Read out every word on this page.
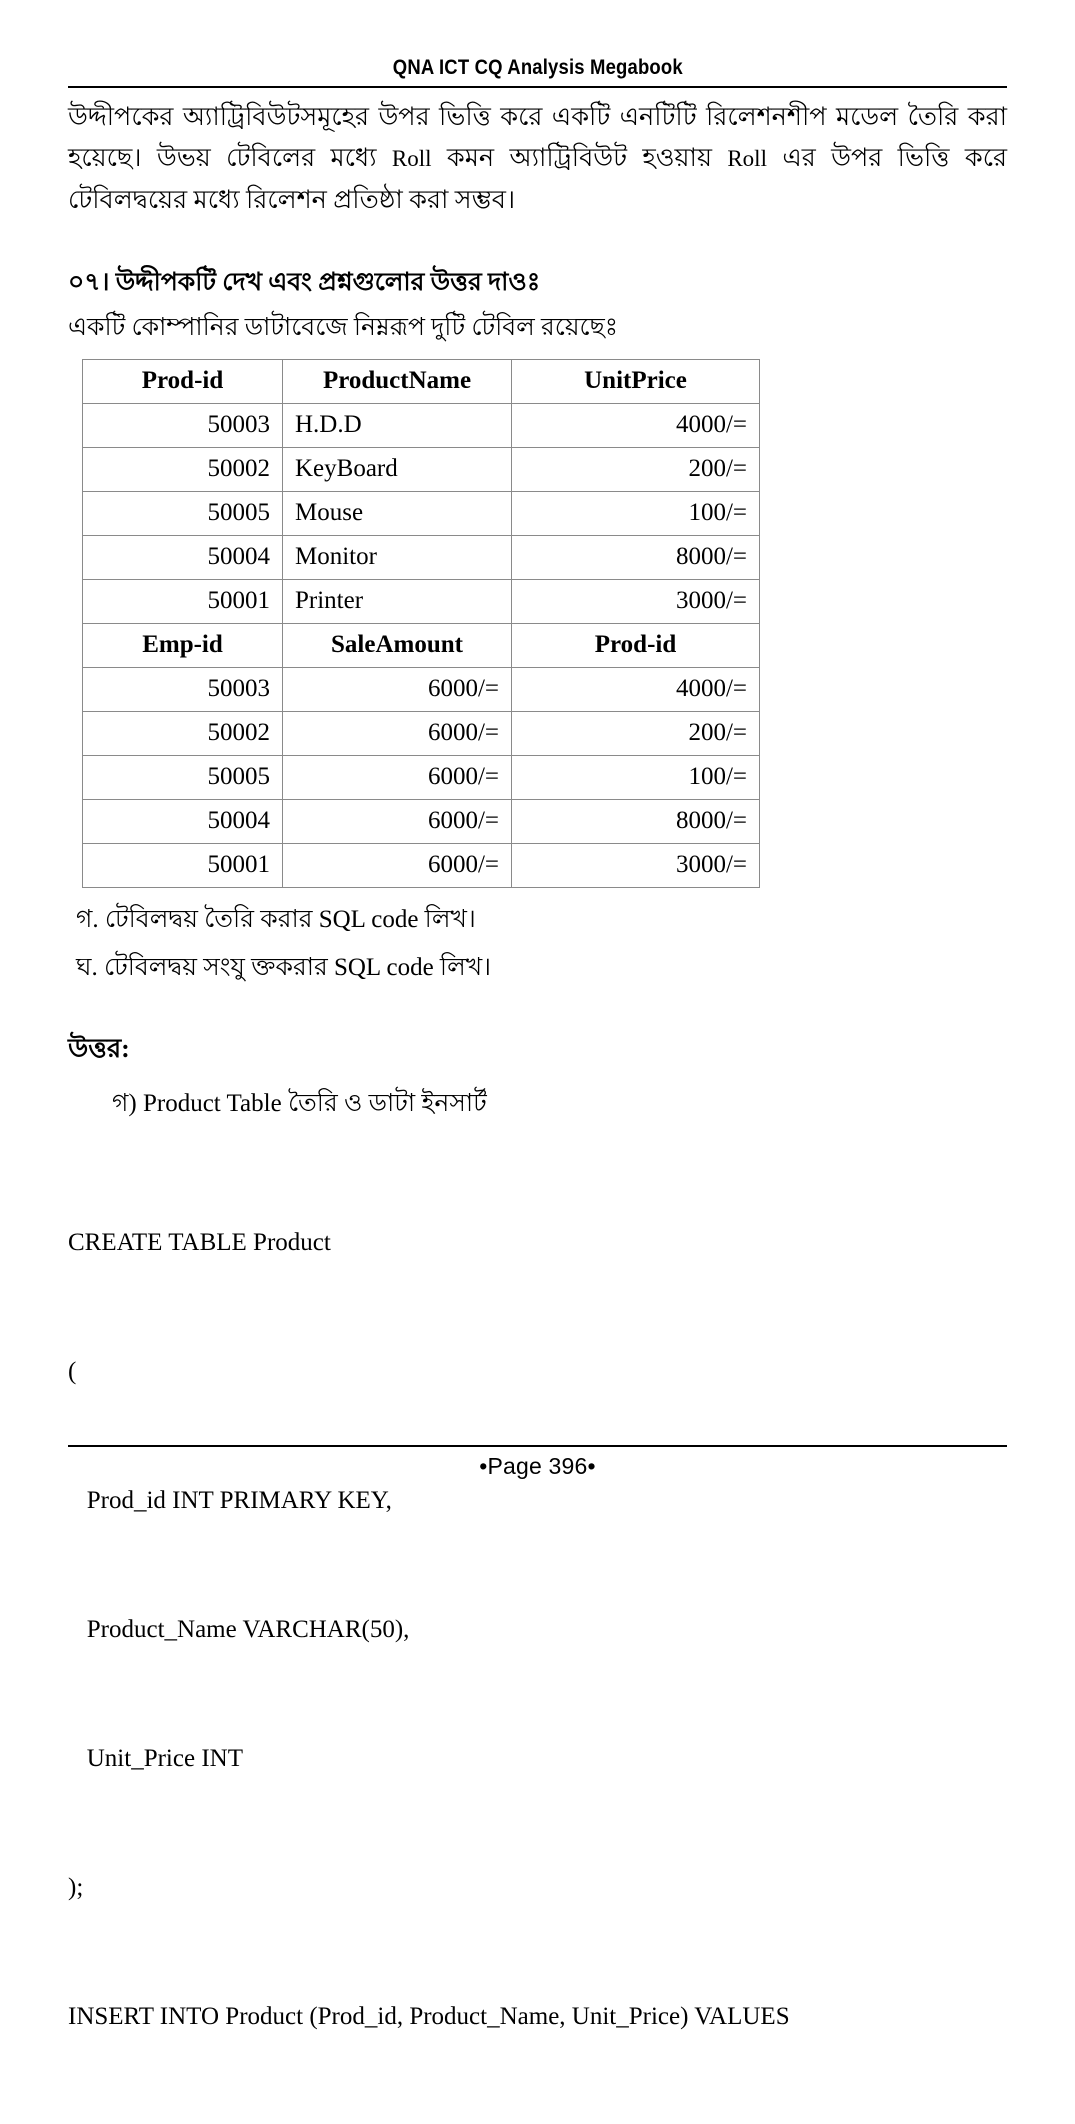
QNA ICT CQ Analysis Megabook

উদ্দীপকের অ্যাট্রিবিউটসমূহের উপর ভিত্তি করে একটি এনটিটি রিলেশনশীপ মডেল তৈরি করা হয়েছে। উভয় টেবিলের মধ্যে Roll কমন অ্যাট্রিবিউট হওয়ায় Roll এর উপর ভিত্তি করে টেবিলদ্বয়ের মধ্যে রিলেশন প্রতিষ্ঠা করা সম্ভব।

০৭। উদ্দীপকটি দেখ এবং প্রশ্নগুলোর উত্তর দাওঃ
একটি কোম্পানির ডাটাবেজে নিম্নরূপ দুটি টেবিল রয়েছেঃ
Prod-id	ProductName	UnitPrice
50003	H.D.D	4000/=
50002	KeyBoard	200/=
50005	Mouse	100/=
50004	Monitor	8000/=
50001	Printer	3000/=
Emp-id	SaleAmount	Prod-id
50003	6000/=	4000/=
50002	6000/=	200/=
50005	6000/=	100/=
50004	6000/=	8000/=
50001	6000/=	3000/=
গ. টেবিলদ্বয় তৈরি করার SQL code লিখ।
ঘ. টেবিলদ্বয় সংযু ক্তকরার SQL code লিখ।
উত্তর:
গ) Product Table তৈরি ও ডাটা ইনসার্ট

CREATE TABLE Product

(

Prod_id INT PRIMARY KEY,

Product_Name VARCHAR(50),

Unit_Price INT

);

INSERT INTO Product (Prod_id, Product_Name, Unit_Price) VALUES

•Page 396•
